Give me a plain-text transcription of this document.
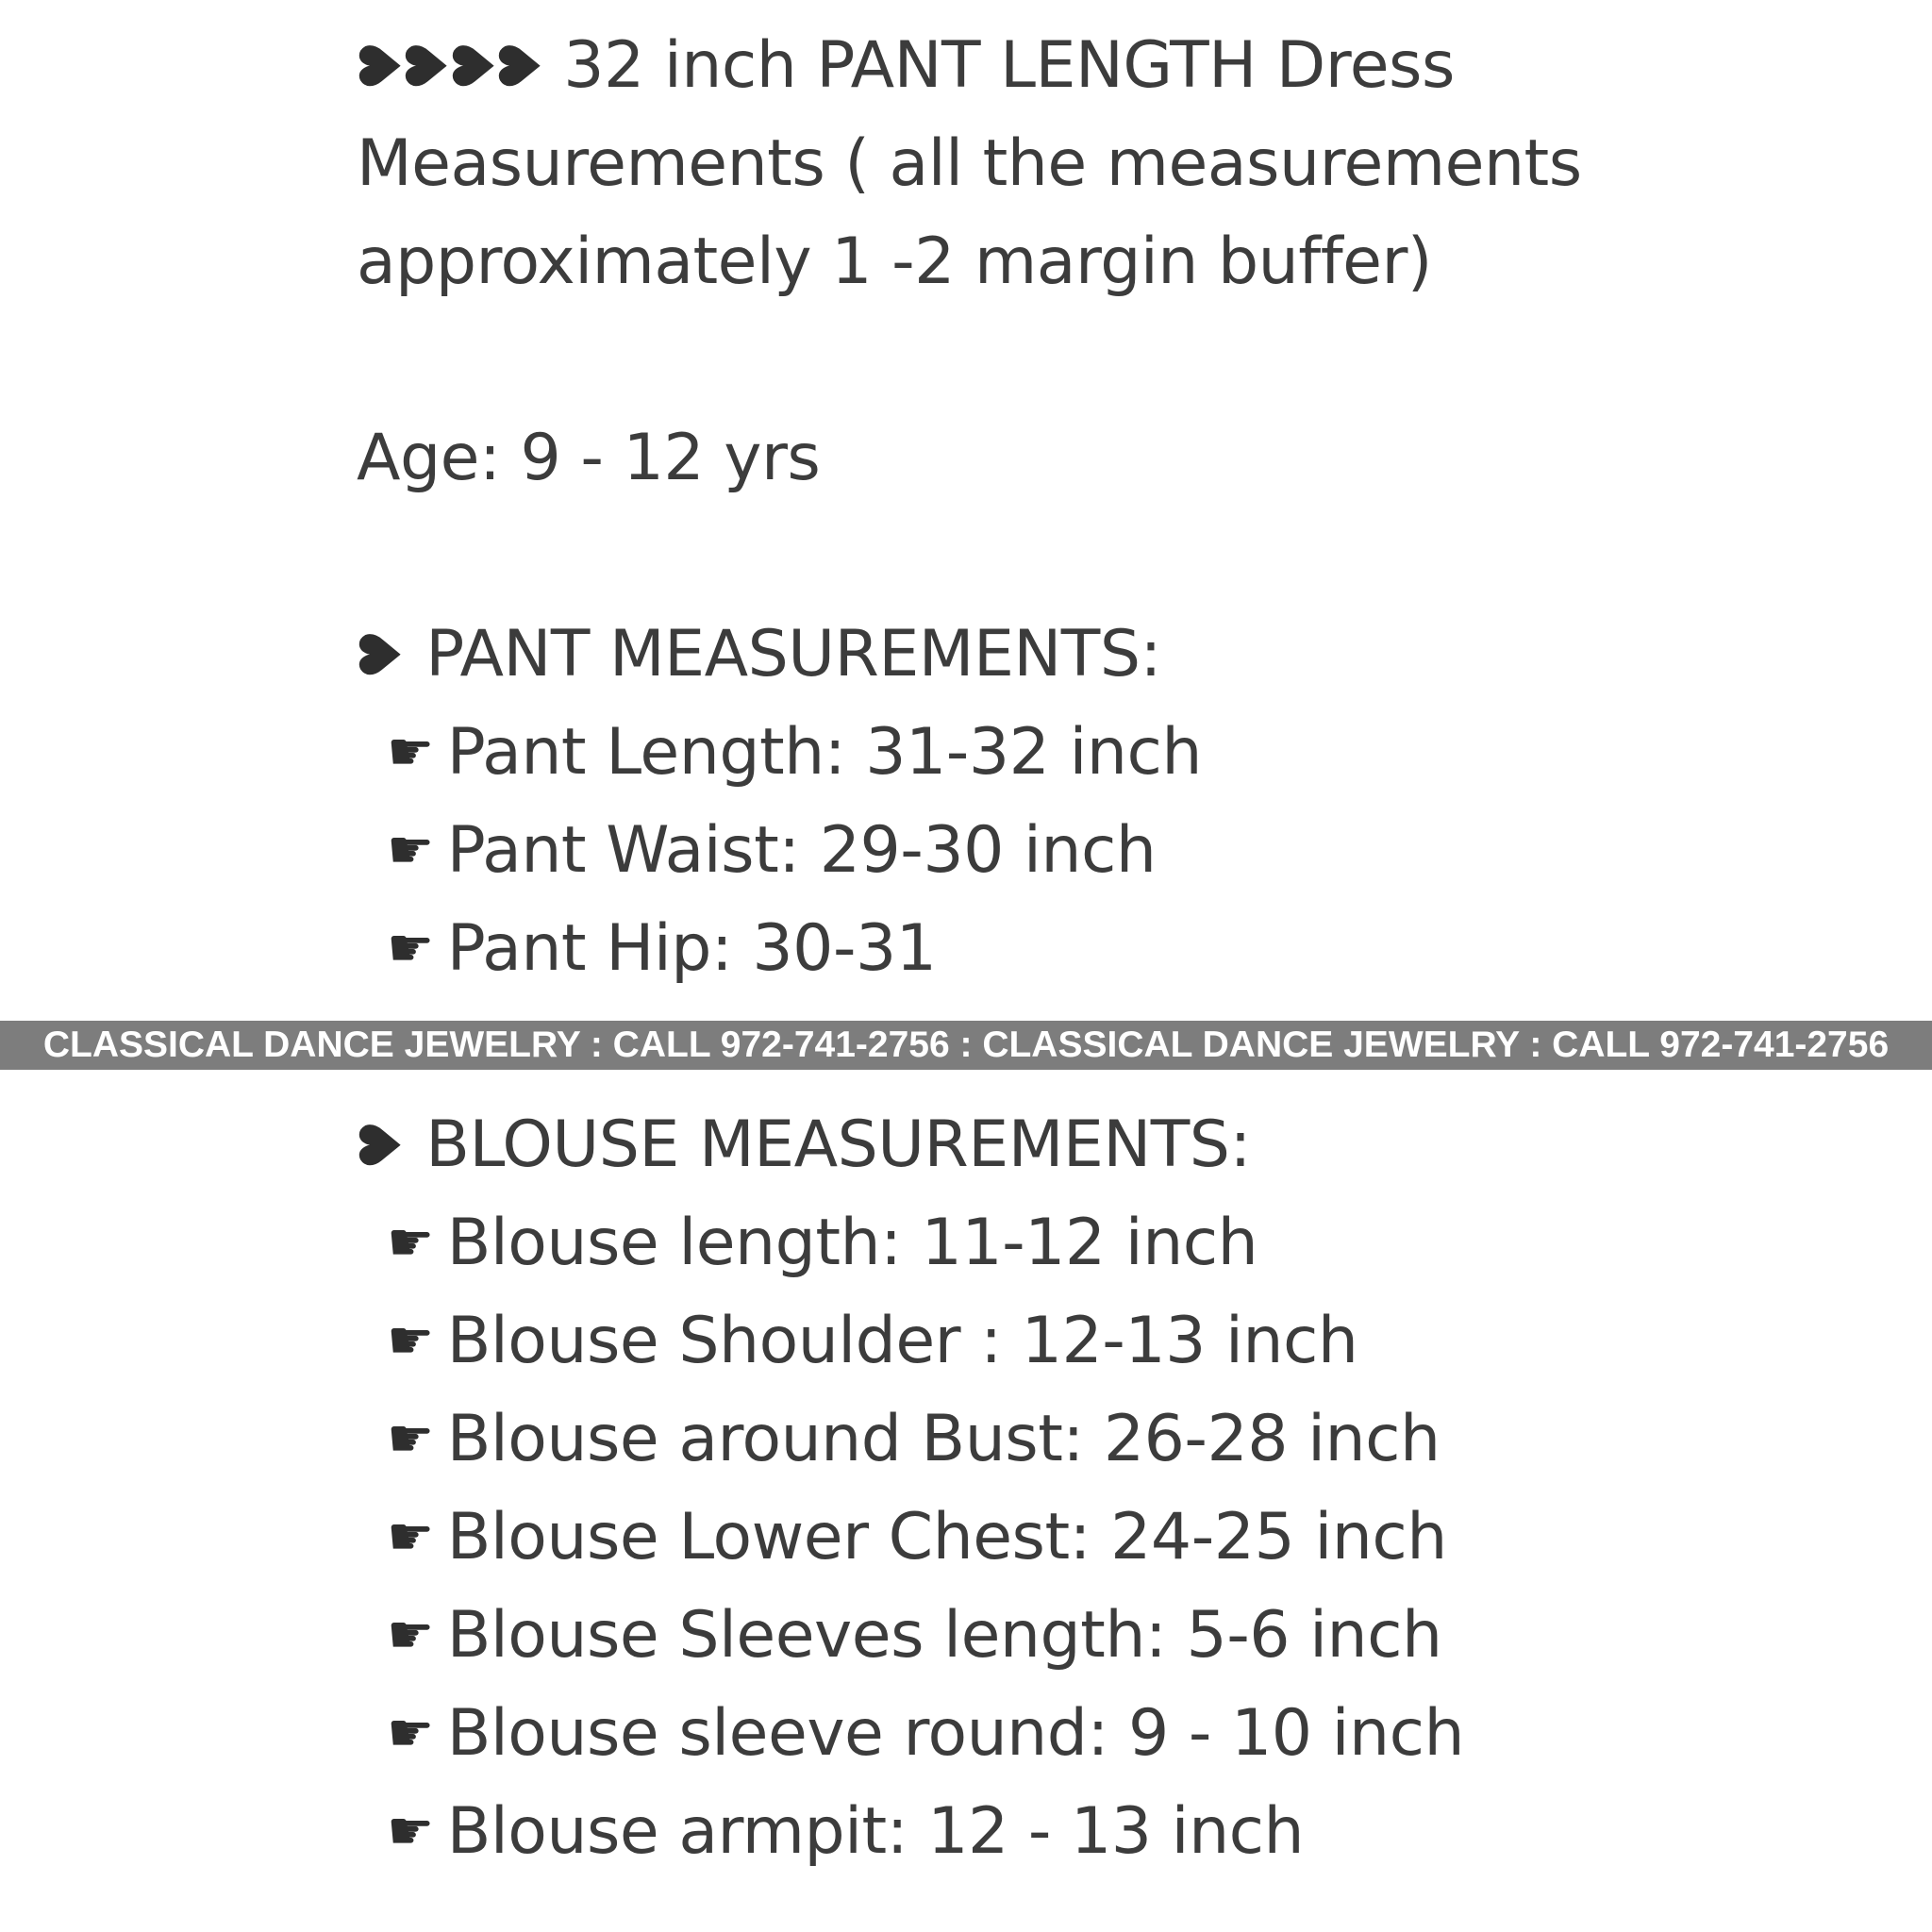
♥♥♥♥ 32 inch PANT LENGTH Dress
Measurements ( all the measurements
approximately 1 -2 margin buffer)
Age: 9 - 12 yrs
♥ PANT MEASUREMENTS:
☛ Pant Length: 31-32 inch
☛ Pant Waist: 29-30 inch
☛ Pant Hip: 30-31
CLASSICAL DANCE JEWELRY : CALL 972-741-2756 : CLASSICAL DANCE JEWELRY : CALL 972-741-2756
♥ BLOUSE MEASUREMENTS:
☛ Blouse length: 11-12 inch
☛ Blouse Shoulder : 12-13 inch
☛ Blouse around Bust: 26-28 inch
☛ Blouse Lower Chest: 24-25 inch
☛ Blouse Sleeves length: 5-6 inch
☛ Blouse sleeve round: 9 - 10 inch
☛ Blouse armpit: 12 - 13 inch
